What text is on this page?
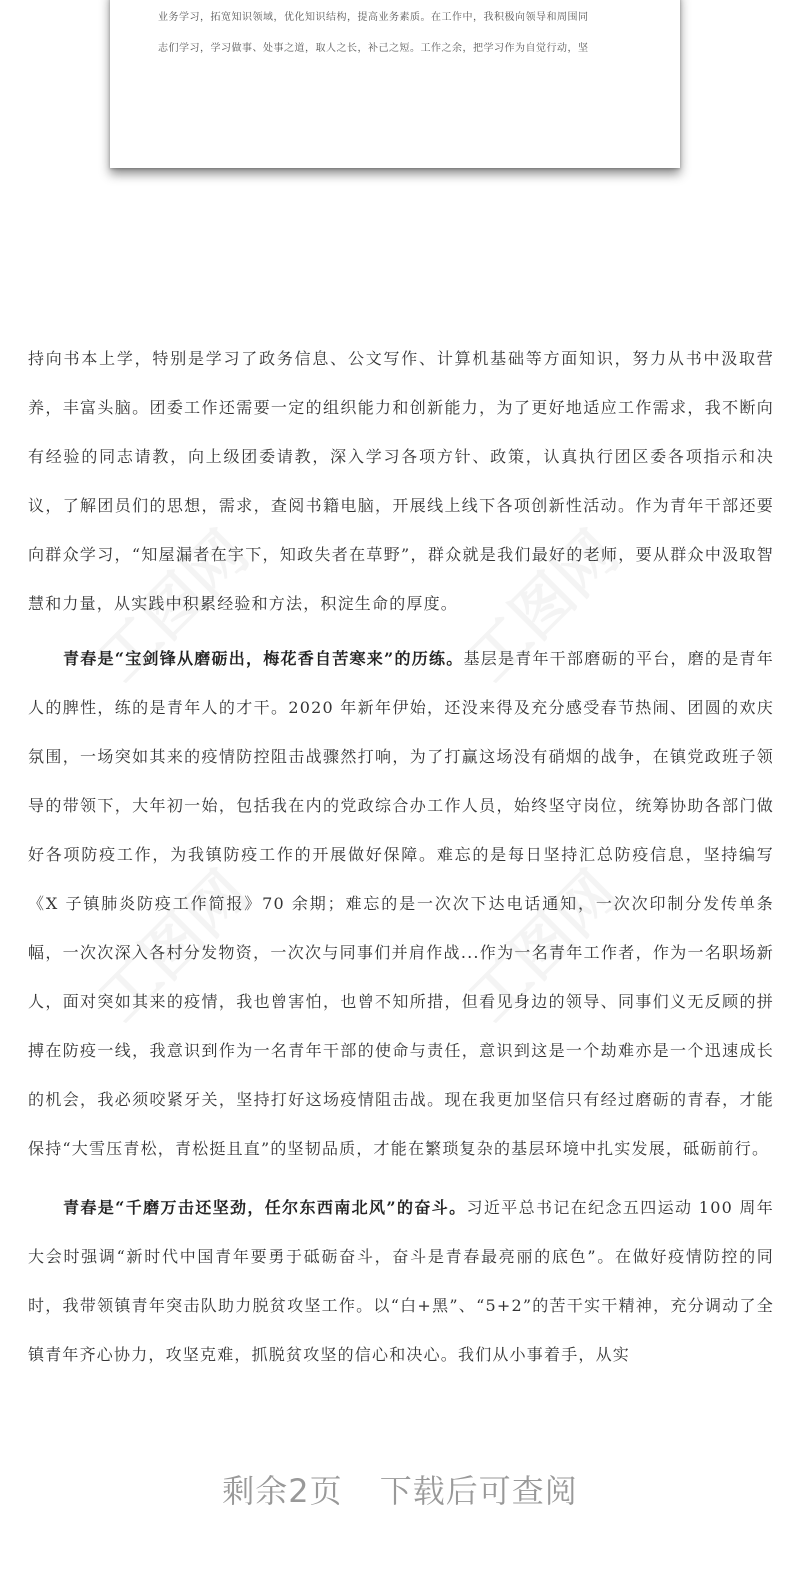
业务学习，拓宽知识领域，优化知识结构，提高业务素质。在工作中，我积极向领导和周围同
志们学习，学习做事、处事之道，取人之长，补己之短。工作之余，把学习作为自觉行动，坚

持向书本上学，特别是学习了政务信息、公文写作、计算机基础等方面知识，努力从书中汲取营养，丰富头脑。团委工作还需要一定的组织能力和创新能力，为了更好地适应工作需求，我不断向有经验的同志请教，向上级团委请教，深入学习各项方针、政策，认真执行团区委各项指示和决议，了解团员们的思想，需求，查阅书籍电脑，开展线上线下各项创新性活动。作为青年干部还要向群众学习，“知屋漏者在宇下，知政失者在草野”，群众就是我们最好的老师，要从群众中汲取智慧和力量，从实践中积累经验和方法，积淀生命的厚度。

青春是“宝剑锋从磨砺出，梅花香自苦寒来”的历练。基层是青年干部磨砺的平台，磨的是青年人的脾性，练的是青年人的才干。2020 年新年伊始，还没来得及充分感受春节热闹、团圆的欢庆氛围，一场突如其来的疫情防控阻击战骤然打响，为了打赢这场没有硝烟的战争，在镇党政班子领导的带领下，大年初一始，包括我在内的党政综合办工作人员，始终坚守岗位，统筹协助各部门做好各项防疫工作，为我镇防疫工作的开展做好保障。难忘的是每日坚持汇总防疫信息，坚持编写《X 子镇肺炎防疫工作简报》70 余期；难忘的是一次次下达电话通知，一次次印制分发传单条幅，一次次深入各村分发物资，一次次与同事们并肩作战...作为一名青年工作者，作为一名职场新人，面对突如其来的疫情，我也曾害怕，也曾不知所措，但看见身边的领导、同事们义无反顾的拼搏在防疫一线，我意识到作为一名青年干部的使命与责任，意识到这是一个劫难亦是一个迅速成长的机会，我必须咬紧牙关，坚持打好这场疫情阻击战。现在我更加坚信只有经过磨砺的青春，才能保持“大雪压青松，青松挺且直”的坚韧品质，才能在繁琐复杂的基层环境中扎实发展，砥砺前行。

青春是“千磨万击还坚劲，任尔东西南北风”的奋斗。习近平总书记在纪念五四运动 100 周年大会时强调“新时代中国青年要勇于砥砺奋斗，奋斗是青春最亮丽的底色”。在做好疫情防控的同时，我带领镇青年突击队助力脱贫攻坚工作。以“白+黑”、“5+2”的苦干实干精神，充分调动了全镇青年齐心协力，攻坚克难，抓脱贫攻坚的信心和决心。我们从小事着手，从实

剩余2页 下载后可查阅
